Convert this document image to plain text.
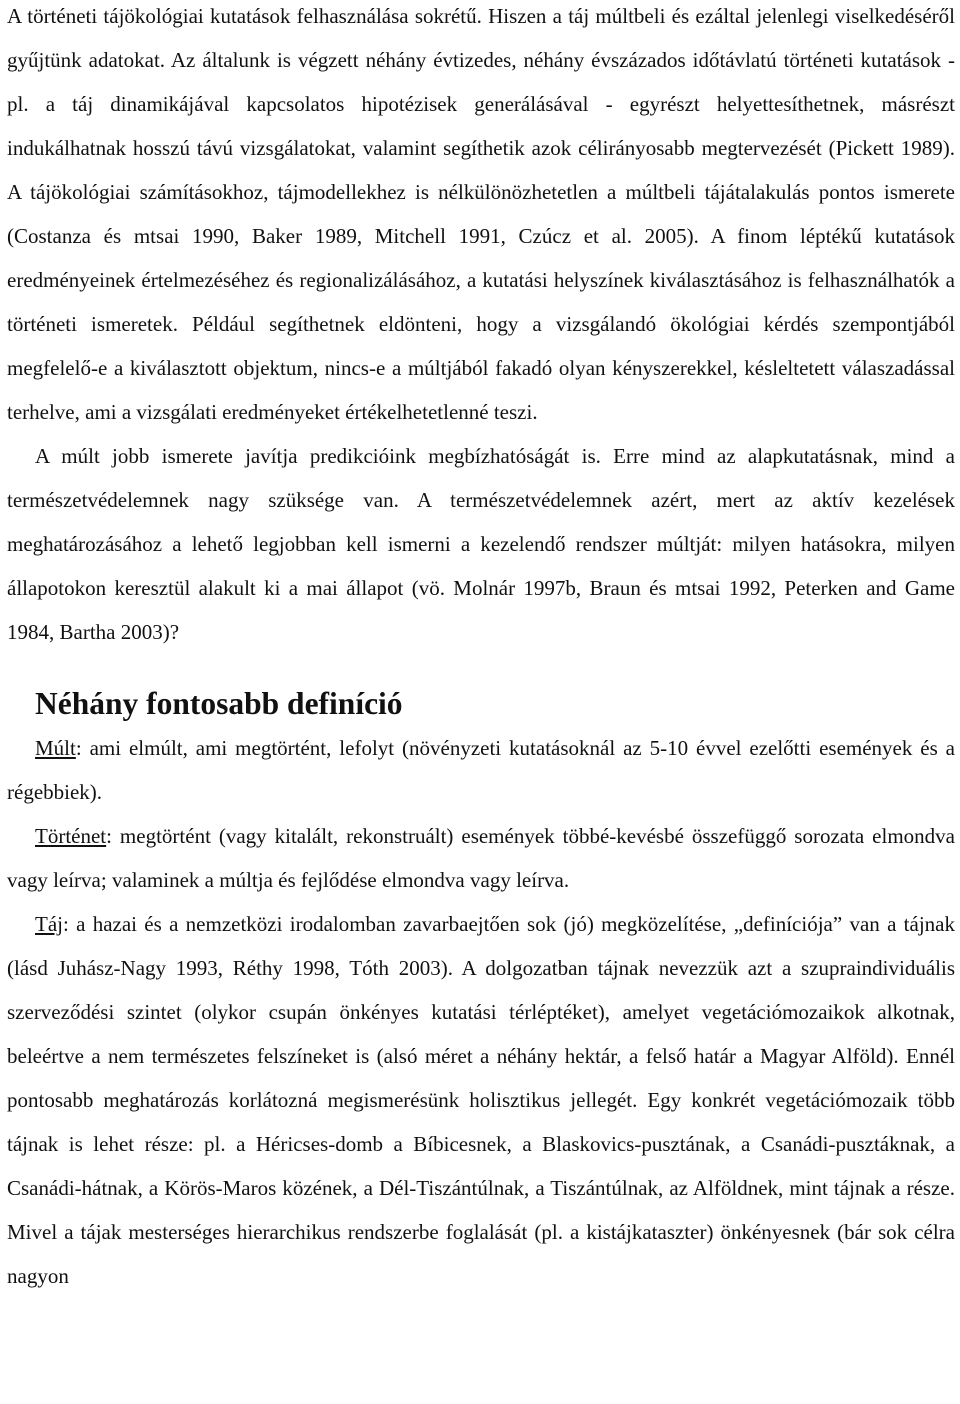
A történeti tájökológiai kutatások felhasználása sokrétű. Hiszen a táj múltbeli és ezáltal jelenlegi viselkedéséről gyűjtünk adatokat. Az általunk is végzett néhány évtizedes, néhány évszázados időtávlatú történeti kutatások - pl. a táj dinamikájával kapcsolatos hipotézisek generálásával - egyrészt helyettesíthetnek, másrészt indukálhatnak hosszú távú vizsgálatokat, valamint segíthetik azok célirányosabb megtervezését (Pickett 1989). A tájökológiai számításokhoz, tájmodellekhez is nélkülönözhetetlen a múltbeli tájátalakulás pontos ismerete (Costanza és mtsai 1990, Baker 1989, Mitchell 1991, Czúcz et al. 2005). A finom léptékű kutatások eredményeinek értelmezéséhez és regionalizálásához, a kutatási helyszínek kiválasztásához is felhasználhatók a történeti ismeretek. Például segíthetnek eldönteni, hogy a vizsgálandó ökológiai kérdés szempontjából megfelelő-e a kiválasztott objektum, nincs-e a múltjából fakadó olyan kényszerekkel, késleltetett válaszadással terhelve, ami a vizsgálati eredményeket értékelhetetlenné teszi.

A múlt jobb ismerete javítja predikcióink megbízhatóságát is. Erre mind az alapkutatásnak, mind a természetvédelemnek nagy szüksége van. A természetvédelemnek azért, mert az aktív kezelések meghatározásához a lehető legjobban kell ismerni a kezelendő rendszer múltját: milyen hatásokra, milyen állapotokon keresztül alakult ki a mai állapot (vö. Molnár 1997b, Braun és mtsai 1992, Peterken and Game 1984, Bartha 2003)?

Néhány fontosabb definíció

Múlt: ami elmúlt, ami megtörtént, lefolyt (növényzeti kutatásoknál az 5-10 évvel ezelőtti események és a régebbiek).

Történet: megtörtént (vagy kitalált, rekonstruált) események többé-kevésbé összefüggő sorozata elmondva vagy leírva; valaminek a múltja és fejlődése elmondva vagy leírva.

Táj: a hazai és a nemzetközi irodalomban zavarbaejtően sok (jó) megközelítése, „definíciója” van a tájnak (lásd Juhász-Nagy 1993, Réthy 1998, Tóth 2003). A dolgozatban tájnak nevezzük azt a szupraindividuális szerveződési szintet (olykor csupán önkényes kutatási térléptéket), amelyet vegetációmozaikok alkotnak, beleértve a nem természetes felszíneket is (alsó méret a néhány hektár, a felső határ a Magyar Alföld). Ennél pontosabb meghatározás korlátozná megismerésünk holisztikus jellegét. Egy konkrét vegetációmozaik több tájnak is lehet része: pl. a Héricses-domb a Bíbicesnek, a Blaskovics-pusztának, a Csanádi-pusztáknak, a Csanádi-hátnak, a Körös-Maros közének, a Dél-Tiszántúlnak, a Tiszántúlnak, az Alföldnek, mint tájnak a része. Mivel a tájak mesterséges hierarchikus rendszerbe foglalását (pl. a kistájkataszter) önkényesnek (bár sok célra nagyon
